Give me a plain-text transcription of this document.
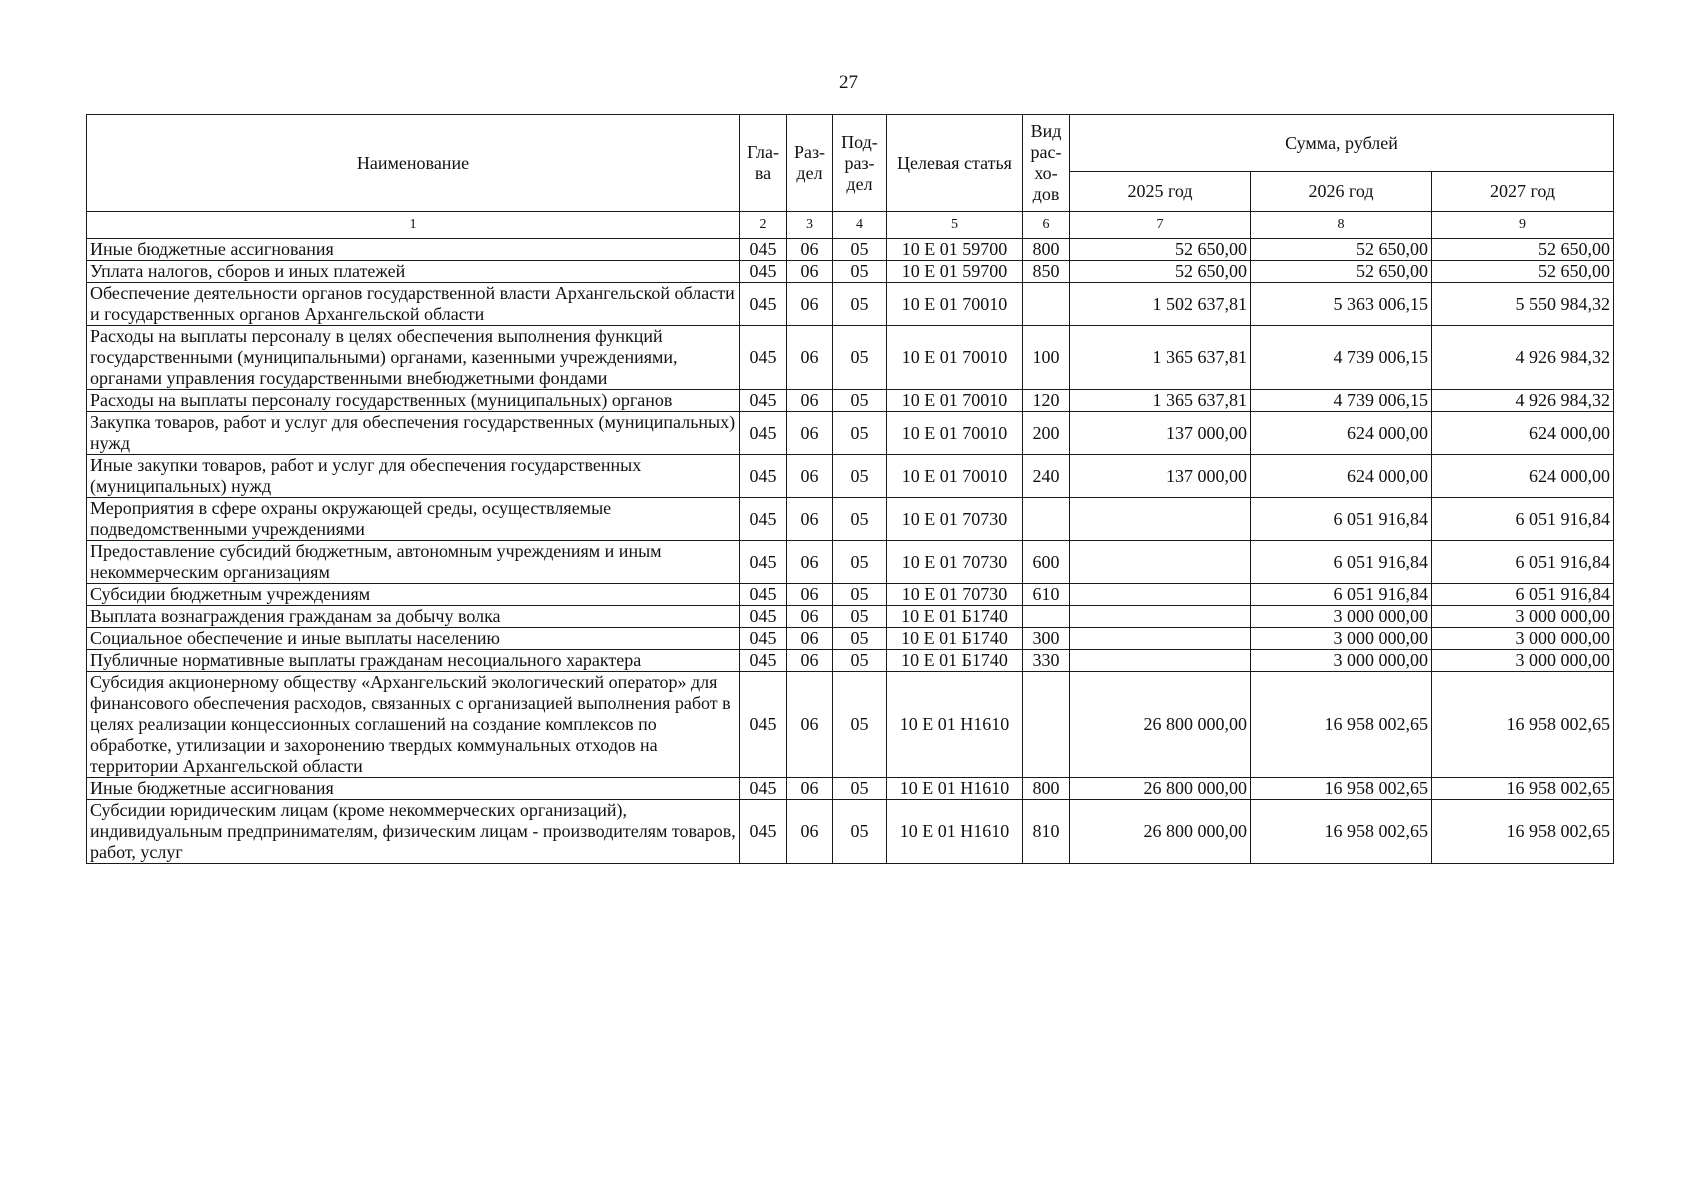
27
Наименование	Гла-ва	Раз-дел	Под-раз-дел	Целевая статья	Вид рас-хо-дов	Сумма, рублей		
						2025 год	2026 год	2027 год
1	2	3	4	5	6	7	8	9
Иные бюджетные ассигнования	045	06	05	10 Е 01 59700	800	52 650,00	52 650,00	52 650,00
Уплата налогов, сборов и иных платежей	045	06	05	10 Е 01 59700	850	52 650,00	52 650,00	52 650,00
Обеспечение деятельности органов государственной власти Архангельской области и государственных органов Архангельской области	045	06	05	10 Е 01 70010		1 502 637,81	5 363 006,15	5 550 984,32
Расходы на выплаты персоналу в целях обеспечения выполнения функций государственными (муниципальными) органами, казенными учреждениями, органами управления государственными внебюджетными фондами	045	06	05	10 Е 01 70010	100	1 365 637,81	4 739 006,15	4 926 984,32
Расходы на выплаты персоналу государственных (муниципальных) органов	045	06	05	10 Е 01 70010	120	1 365 637,81	4 739 006,15	4 926 984,32
Закупка товаров, работ и услуг для обеспечения государственных (муниципальных) нужд	045	06	05	10 Е 01 70010	200	137 000,00	624 000,00	624 000,00
Иные закупки товаров, работ и услуг для обеспечения государственных (муниципальных) нужд	045	06	05	10 Е 01 70010	240	137 000,00	624 000,00	624 000,00
Мероприятия в сфере охраны окружающей среды, осуществляемые подведомственными учреждениями	045	06	05	10 Е 01 70730			6 051 916,84	6 051 916,84
Предоставление субсидий бюджетным, автономным учреждениям и иным некоммерческим организациям	045	06	05	10 Е 01 70730	600		6 051 916,84	6 051 916,84
Субсидии бюджетным учреждениям	045	06	05	10 Е 01 70730	610		6 051 916,84	6 051 916,84
Выплата вознаграждения гражданам за добычу волка	045	06	05	10 Е 01 Б1740			3 000 000,00	3 000 000,00
Социальное обеспечение и иные выплаты населению	045	06	05	10 Е 01 Б1740	300		3 000 000,00	3 000 000,00
Публичные нормативные выплаты гражданам несоциального характера	045	06	05	10 Е 01 Б1740	330		3 000 000,00	3 000 000,00
Субсидия акционерному обществу «Архангельский экологический оператор» для финансового обеспечения расходов, связанных с организацией выполнения работ в целях реализации концессионных соглашений на создание комплексов по обработке, утилизации и захоронению твердых коммунальных отходов на территории Архангельской области	045	06	05	10 Е 01 Н1610		26 800 000,00	16 958 002,65	16 958 002,65
Иные бюджетные ассигнования	045	06	05	10 Е 01 Н1610	800	26 800 000,00	16 958 002,65	16 958 002,65
Субсидии юридическим лицам (кроме некоммерческих организаций), индивидуальным предпринимателям, физическим лицам - производителям товаров, работ, услуг	045	06	05	10 Е 01 Н1610	810	26 800 000,00	16 958 002,65	16 958 002,65
